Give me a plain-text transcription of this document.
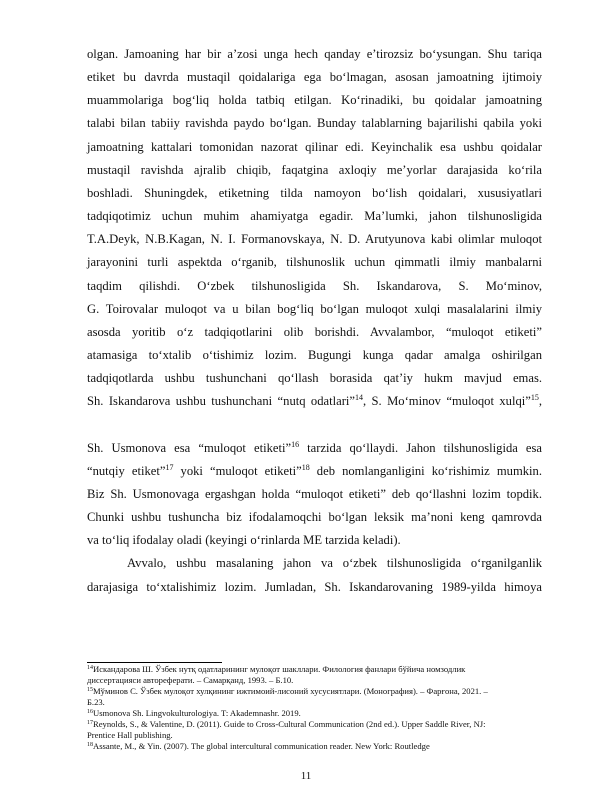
olgan. Jamoaning har bir a’zosi unga hech qanday e’tirozsiz bo‘ysungan. Shu tariqa
etiket bu davrda mustaqil qoidalariga ega bo‘lmagan, asosan jamoatning ijtimoiy
muammolariga bog‘liq holda tatbiq etilgan. Ko‘rinadiki, bu qoidalar jamoatning
talabi bilan tabiiy ravishda paydo bo‘lgan. Bunday talablarning bajarilishi qabila yoki
jamoatning kattalari tomonidan nazorat qilinar edi. Keyinchalik esa ushbu qoidalar
mustaqil ravishda ajralib chiqib, faqatgina axloqiy me’yorlar darajasida ko‘rila
boshladi. Shuningdek, etiketning tilda namoyon bo‘lish qoidalari, xususiyatlari
tadqiqotimiz uchun muhim ahamiyatga egadir. Ma’lumki, jahon tilshunosligida
T.A.Deyk, N.B.Kagan, N. I. Formanovskaya, N. D. Arutyunova kabi olimlar muloqot
jarayonini turli aspektda o‘rganib, tilshunoslik uchun qimmatli ilmiy manbalarni
taqdim qilishdi. O‘zbek tilshunosligida Sh. Iskandarova, S. Mo‘minov,
G. Toirovalar muloqot va u bilan bog‘liq bo‘lgan muloqot xulqi masalalarini ilmiy
asosda yoritib o‘z tadqiqotlarini olib borishdi. Avvalambor, “muloqot etiketi”
atamasiga to‘xtalib o‘tishimiz lozim. Bugungi kunga qadar amalga oshirilgan
tadqiqotlarda ushbu tushunchani qo‘llash borasida qat’iy hukm mavjud emas.
Sh. Iskandarova ushbu tushunchani “nutq odatlari”$^{14}$, S. Mo‘minov “muloqot xulqi”$^{15}$,
Sh. Usmonova esa “muloqot etiketi”$^{16}$ tarzida qo‘llaydi. Jahon tilshunosligida esa
“nutqiy etiket”$^{17}$ yoki “muloqot etiketi”$^{18}$ deb nomlanganligini ko‘rishimiz mumkin.
Biz Sh. Usmonovaga ergashgan holda “muloqot etiketi” deb qo‘llashni lozim topdik.
Chunki ushbu tushuncha biz ifodalamoqchi bo‘lgan leksik ma’noni keng qamrovda
va to‘liq ifodalay oladi (keyingi o‘rinlarda ME tarzida keladi).
Avvalo, ushbu masalaning jahon va o‘zbek tilshunosligida o‘rganilganlik
darajasiga to‘xtalishimiz lozim. Jumladan, Sh. Iskandarovaning 1989-yilda himoya
$^{14}$Искандарова Ш. Ўзбек нутқ одатларининг мулоқот шакллари. Филология фанлари бўйича номзодлик
диссертацияси автореферати. – Самарқанд, 1993. – Б.10.
$^{15}$Мўминов С. Ўзбек мулоқот хулқининг ижтимоий-лисоний хусусиятлари. (Монография). – Фарғона, 2021. –
Б.23.
$^{16}$Usmonova Sh. Lingvokulturologiya. T: Akademnashr. 2019.
$^{17}$Reynolds, S., & Valentine, D. (2011). Guide to Cross-Cultural Communication (2nd ed.). Upper Saddle River, NJ:
Prentice Hall publishing.
$^{18}$Assante, M., & Yin. (2007). The global intercultural communication reader. New York: Routledge
11
